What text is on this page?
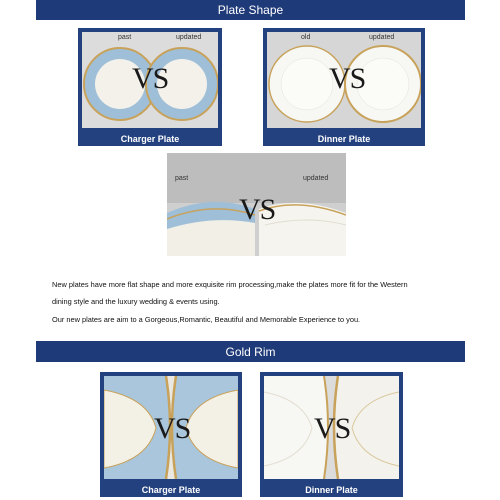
Plate Shape
past	updated
VS
Charger Plate
old	updated
VS
Dinner Plate
past	updated
VS
New plates have more flat shape and more exquisite rim processing,make the plates more fit for the Western
dining style and the luxury wedding & events using.
Our new plates are aim to a Gorgeous,Romantic, Beautiful and Memorable Experience to you.
Gold Rim
VS
Charger Plate
VS
Dinner Plate
